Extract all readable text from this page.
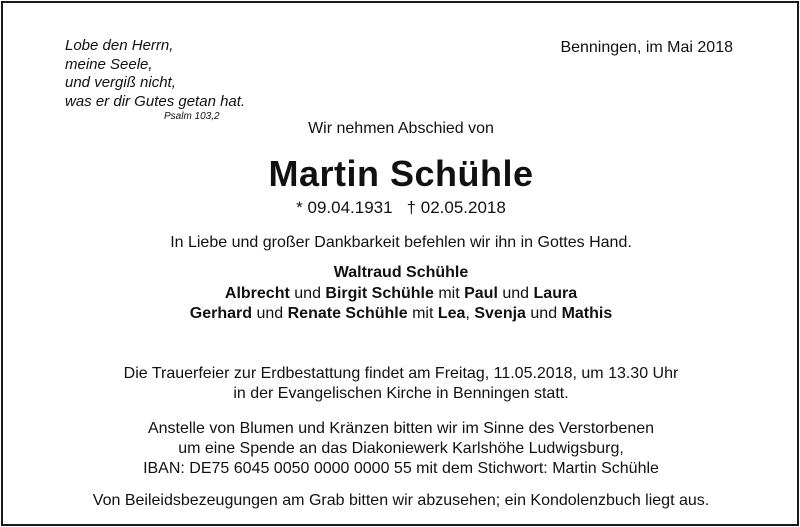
Lobe den Herrn,
meine Seele,
und vergiß nicht,
was er dir Gutes getan hat.
Psalm 103,2
Benningen, im Mai 2018
Wir nehmen Abschied von
Martin Schühle
* 09.04.1931 † 02.05.2018
In Liebe und großer Dankbarkeit befehlen wir ihn in Gottes Hand.
Waltraud Schühle
Albrecht und Birgit Schühle mit Paul und Laura
Gerhard und Renate Schühle mit Lea, Svenja und Mathis
Die Trauerfeier zur Erdbestattung findet am Freitag, 11.05.2018, um 13.30 Uhr
in der Evangelischen Kirche in Benningen statt.
Anstelle von Blumen und Kränzen bitten wir im Sinne des Verstorbenen
um eine Spende an das Diakoniewerk Karlshöhe Ludwigsburg,
IBAN: DE75 6045 0050 0000 0000 55 mit dem Stichwort: Martin Schühle
Von Beileidsbezeugungen am Grab bitten wir abzusehen; ein Kondolenzbuch liegt aus.
